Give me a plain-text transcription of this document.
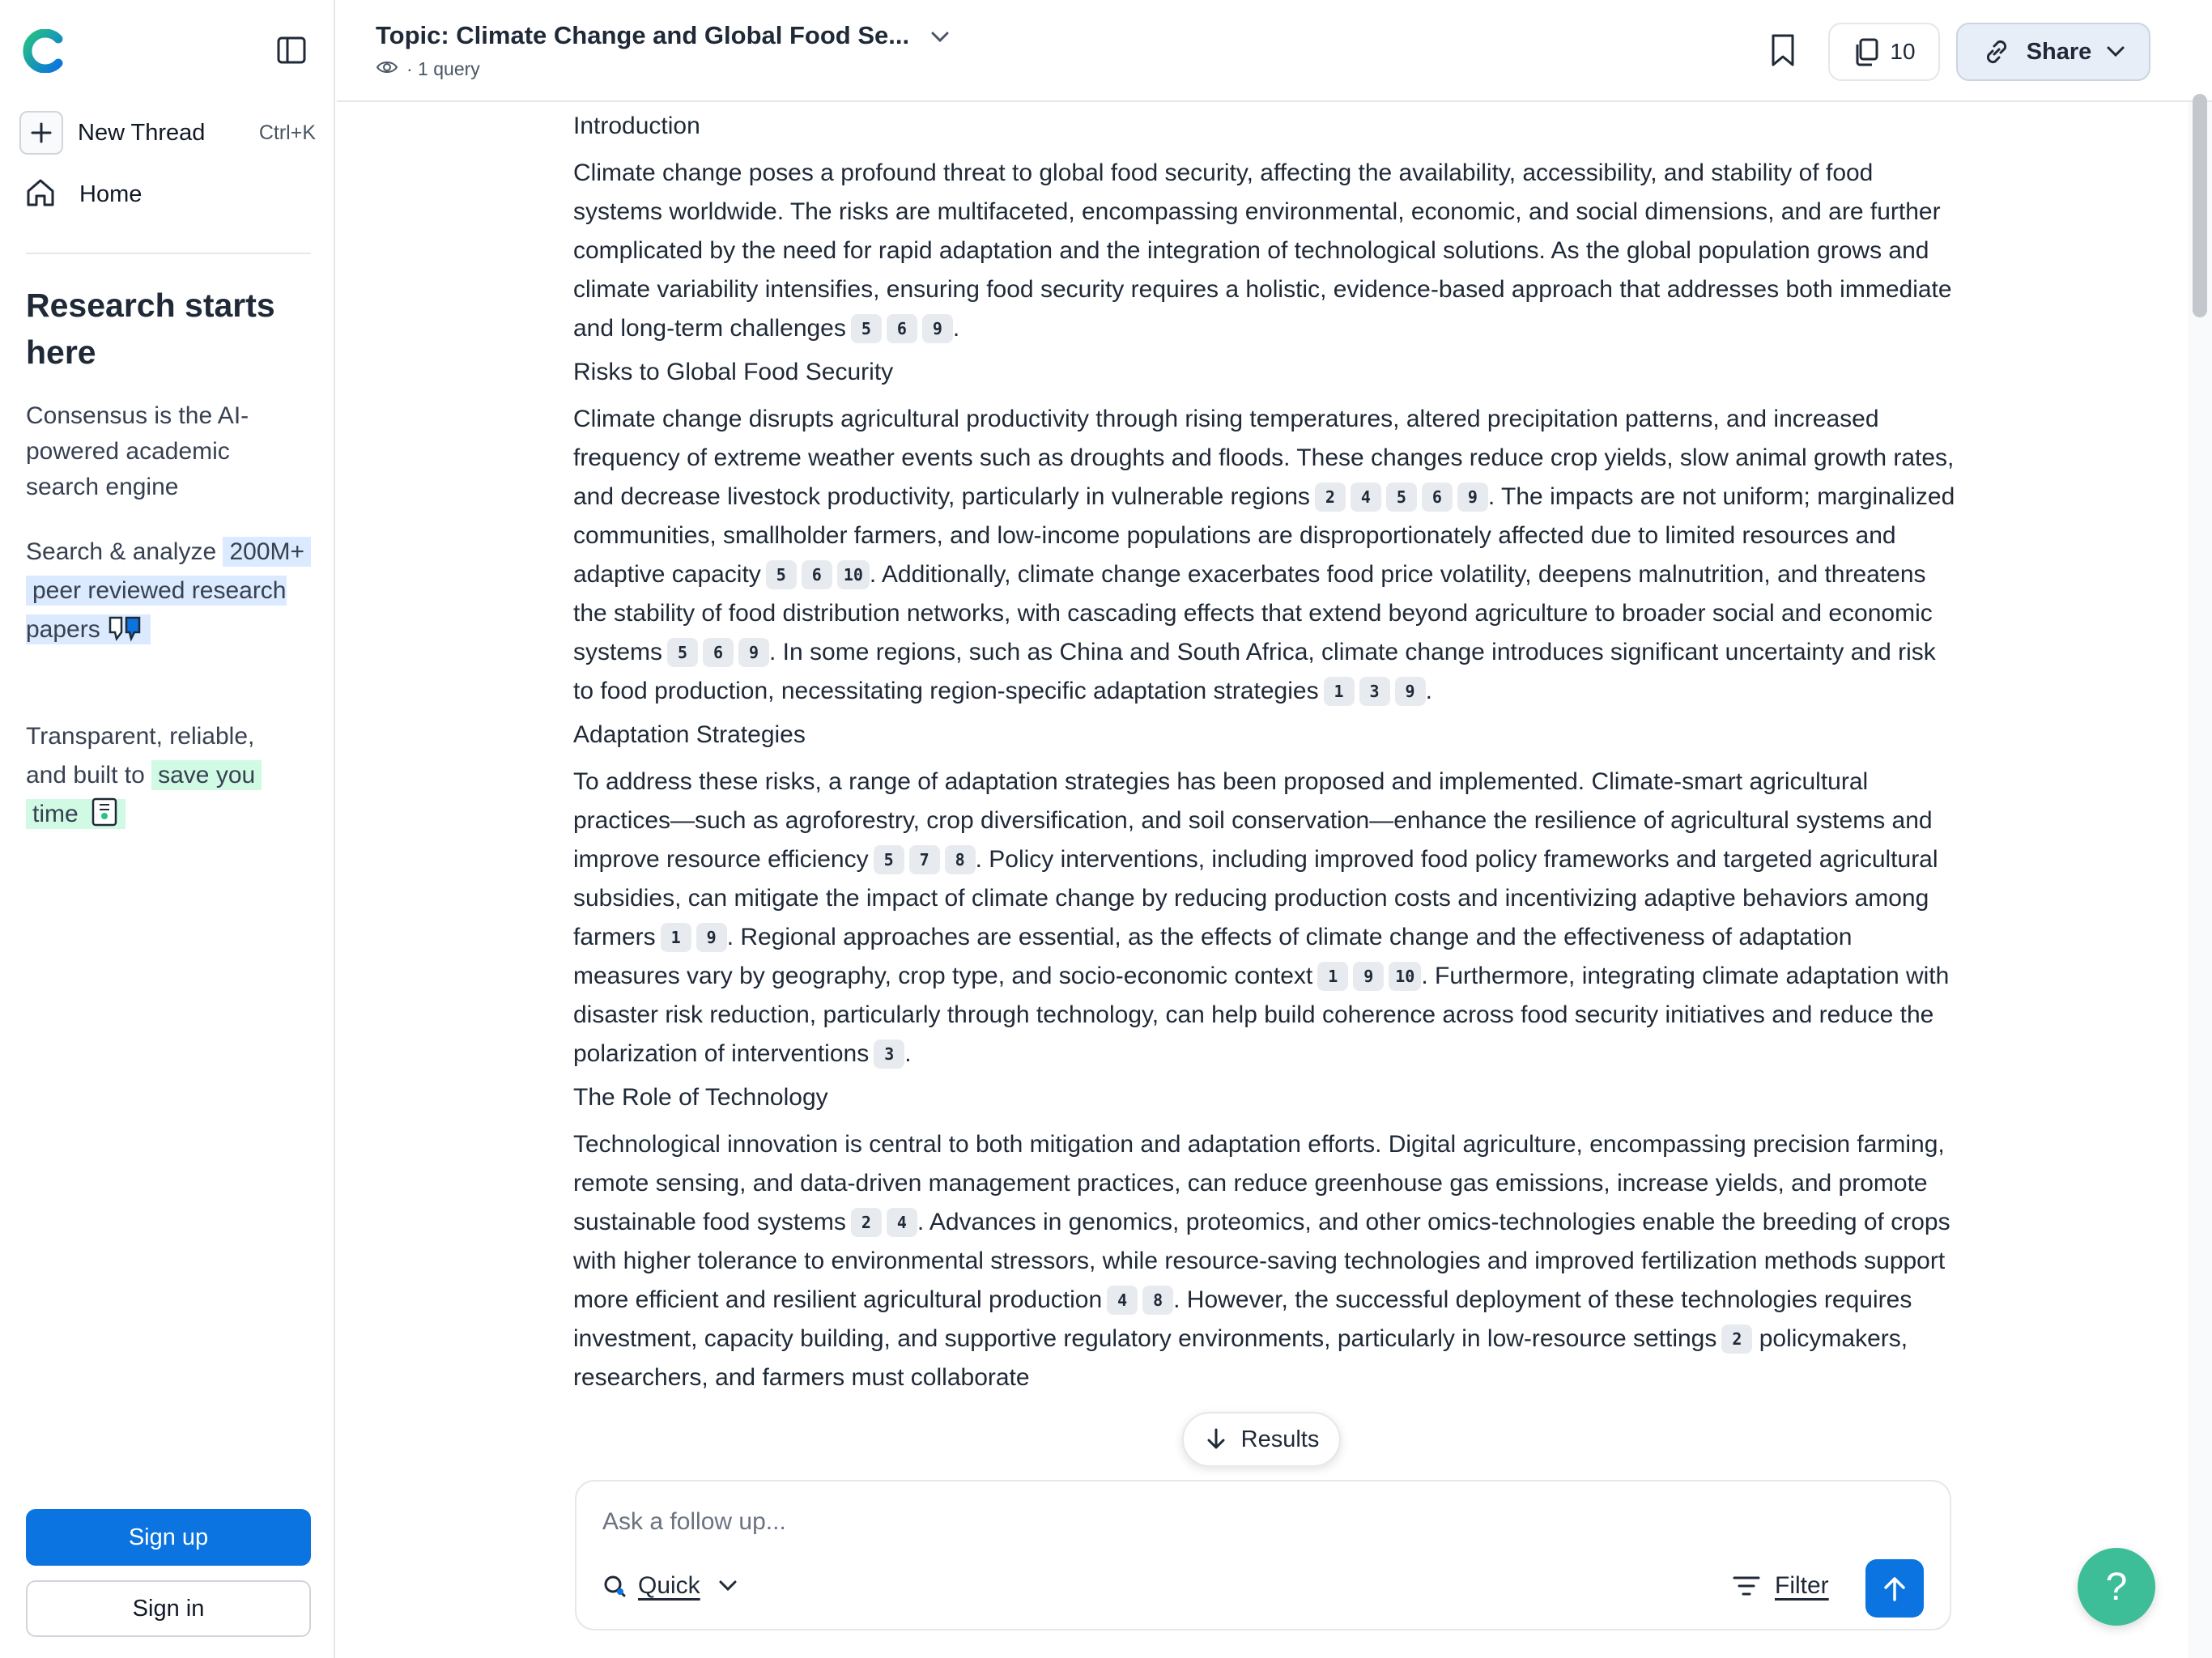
New Thread	Ctrl+K
Home
Research starts here
Consensus is the AI-powered academic search engine
Search & analyze 200M+ peer reviewed research papers
Transparent, reliable, and built to save you time
Sign up
Sign in
Topic: Climate Change and Global Food Se...
· 1 query
10	Share
Introduction

Climate change poses a profound threat to global food security, affecting the availability, accessibility, and stability of food systems worldwide. The risks are multifaceted, encompassing environmental, economic, and social dimensions, and are further complicated by the need for rapid adaptation and the integration of technological solutions. As the global population grows and climate variability intensifies, ensuring food security requires a holistic, evidence-based approach that addresses both immediate and long-term challenges 5 6 9 .

Risks to Global Food Security

Climate change disrupts agricultural productivity through rising temperatures, altered precipitation patterns, and increased frequency of extreme weather events such as droughts and floods. These changes reduce crop yields, slow animal growth rates, and decrease livestock productivity, particularly in vulnerable regions 2 4 5 6 9 . The impacts are not uniform; marginalized communities, smallholder farmers, and low-income populations are disproportionately affected due to limited resources and adaptive capacity 5 6 10 . Additionally, climate change exacerbates food price volatility, deepens malnutrition, and threatens the stability of food distribution networks, with cascading effects that extend beyond agriculture to broader social and economic systems 5 6 9 . In some regions, such as China and South Africa, climate change introduces significant uncertainty and risk to food production, necessitating region-specific adaptation strategies 1 3 9 .

Adaptation Strategies

To address these risks, a range of adaptation strategies has been proposed and implemented. Climate-smart agricultural practices—such as agroforestry, crop diversification, and soil conservation—enhance the resilience of agricultural systems and improve resource efficiency 5 7 8 . Policy interventions, including improved food policy frameworks and targeted agricultural subsidies, can mitigate the impact of climate change by reducing production costs and incentivizing adaptive behaviors among farmers 1 9 . Regional approaches are essential, as the effects of climate change and the effectiveness of adaptation measures vary by geography, crop type, and socio-economic context 1 9 10 . Furthermore, integrating climate adaptation with disaster risk reduction, particularly through technology, can help build coherence across food security initiatives and reduce the polarization of interventions 3 .

The Role of Technology

Technological innovation is central to both mitigation and adaptation efforts. Digital agriculture, encompassing precision farming, remote sensing, and data-driven management practices, can reduce greenhouse gas emissions, increase yields, and promote sustainable food systems 2 4 . Advances in genomics, proteomics, and other omics-technologies enable the breeding of crops with higher tolerance to environmental stressors, while resource-saving technologies and improved fertilization methods support more efficient and resilient agricultural production 4 8 . However, the successful deployment of these technologies requires investment, capacity building, and supportive regulatory environments, particularly in low-resource settings 2 policymakers, researchers, and farmers must collaborate

Results
Ask a follow up...
Quick	Filter	?
